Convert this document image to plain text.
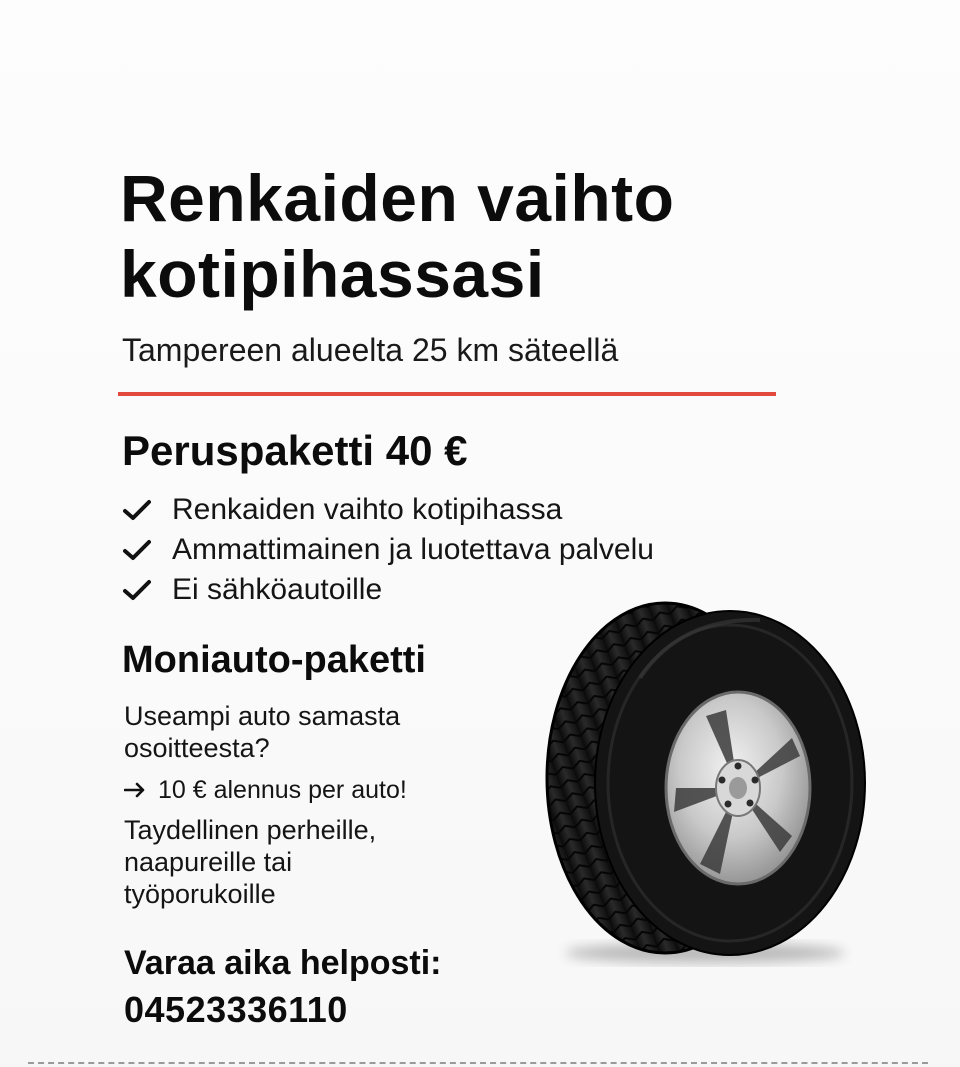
Renkaiden vaihto
kotipihassasi
Tampereen alueelta 25 km säteellä
Peruspaketti 40 €
Renkaiden vaihto kotipihassa
Ammattimainen ja luotettava palvelu
Ei sähköautoille
Moniauto-paketti
Useampi auto samasta
osoitteesta?
10 € alennus per auto!
Taydellinen perheille,
naapureille tai
työporukoille
Varaa aika helposti:
04523336110
